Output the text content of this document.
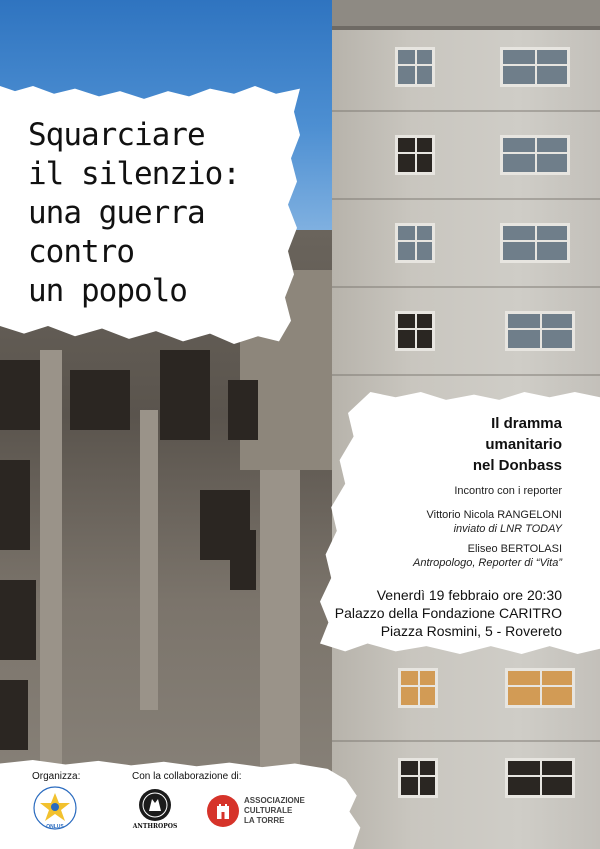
Squarciare
il silenzio:
una guerra
contro
un popolo
Il dramma
umanitario
nel Donbass
Incontro con i reporter
Vittorio Nicola RANGELONI
inviato di LNR TODAY
Eliseo BERTOLASI
Antropologo, Reporter di “Vita”
Venerdì 19 febbraio ore 20:30
Palazzo della Fondazione CARITRO
Piazza Rosmini, 5 - Rovereto
Organizza:	Con la collaborazione di:
ONLUS	ANTHROPOS
ASSOCIAZIONE
CULTURALE
LA TORRE
